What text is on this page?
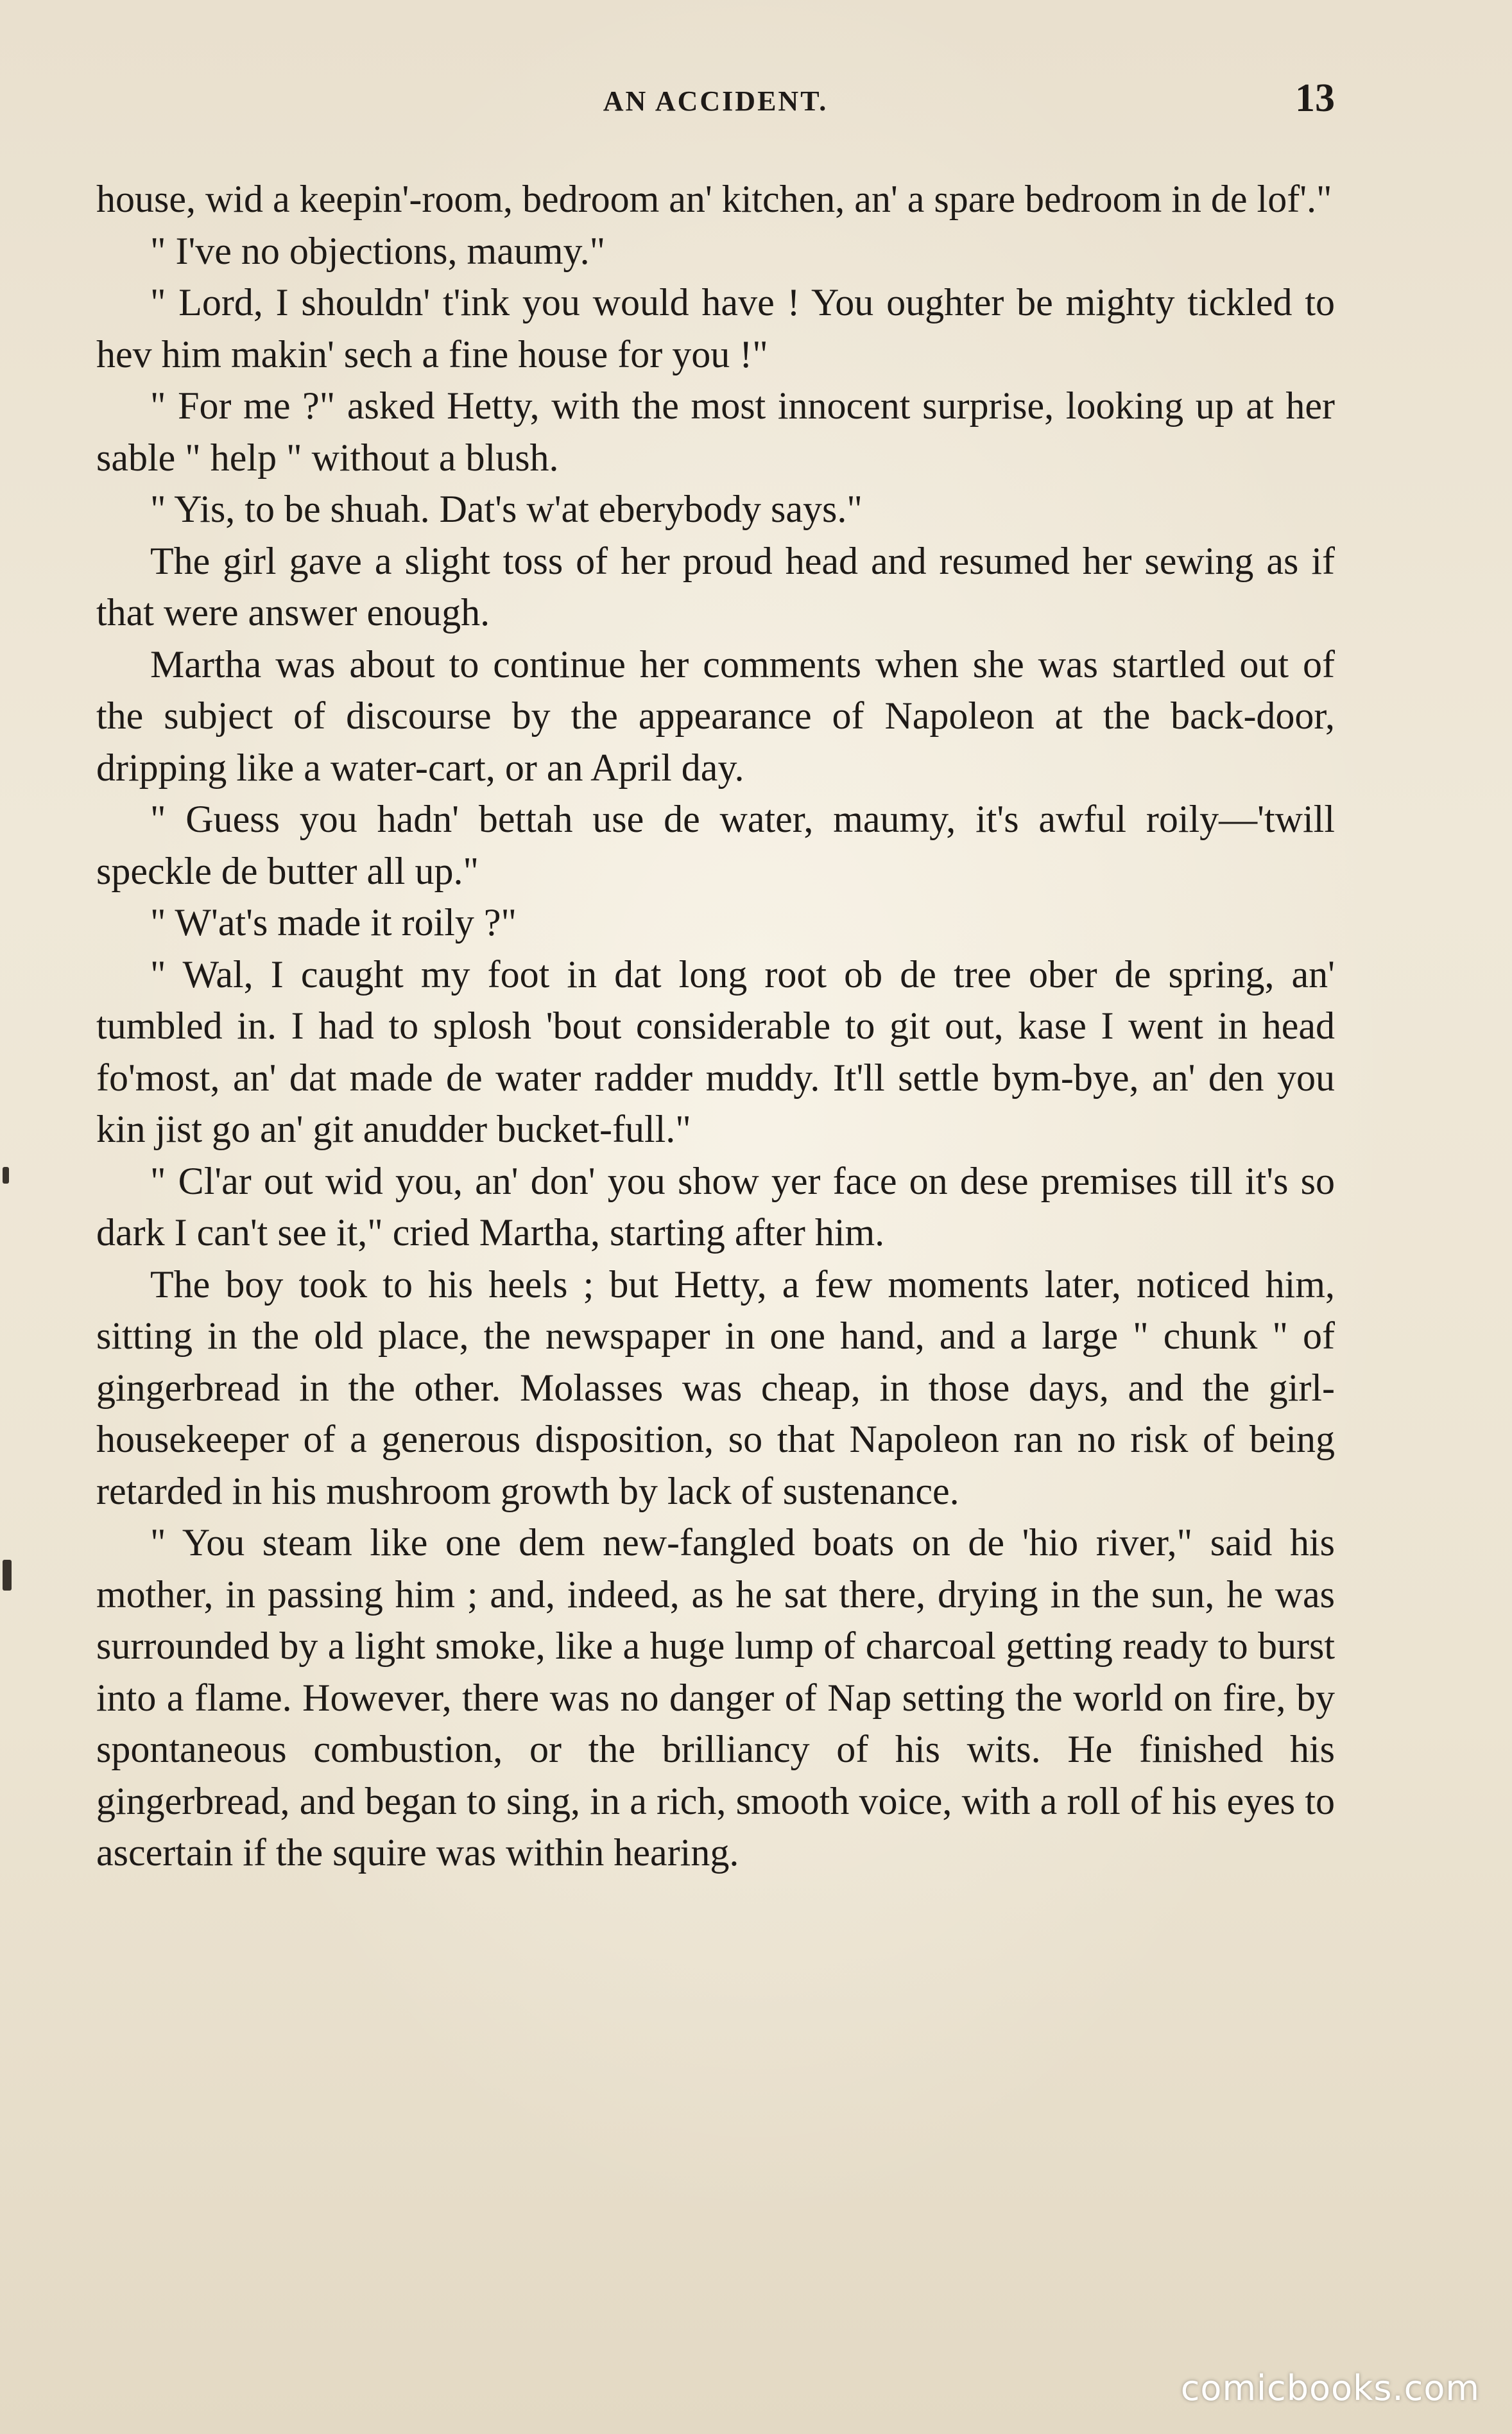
AN ACCIDENT.	13

house, wid a keepin'-room, bedroom an' kitchen, an' a spare bedroom in de lof'."

" I've no objections, maumy."

" Lord, I shouldn' t'ink you would have ! You oughter be mighty tickled to hev him makin' sech a fine house for you !"

" For me ?" asked Hetty, with the most innocent surprise, looking up at her sable " help " without a blush.

" Yis, to be shuah. Dat's w'at eberybody says."

The girl gave a slight toss of her proud head and resumed her sewing as if that were answer enough.

Martha was about to continue her comments when she was startled out of the subject of discourse by the appearance of Napoleon at the back-door, dripping like a water-cart, or an April day.

" Guess you hadn' bettah use de water, maumy, it's awful roily—'twill speckle de butter all up."

" W'at's made it roily ?"

" Wal, I caught my foot in dat long root ob de tree ober de spring, an' tumbled in. I had to splosh 'bout considerable to git out, kase I went in head fo'most, an' dat made de water radder muddy. It'll settle bym-bye, an' den you kin jist go an' git anudder bucket-full."

" Cl'ar out wid you, an' don' you show yer face on dese premises till it's so dark I can't see it," cried Martha, starting after him.

The boy took to his heels ; but Hetty, a few moments later, noticed him, sitting in the old place, the newspaper in one hand, and a large " chunk " of gingerbread in the other. Molasses was cheap, in those days, and the girl-housekeeper of a generous disposition, so that Napoleon ran no risk of being retarded in his mushroom growth by lack of sustenance.

" You steam like one dem new-fangled boats on de 'hio river," said his mother, in passing him ; and, indeed, as he sat there, drying in the sun, he was surrounded by a light smoke, like a huge lump of charcoal getting ready to burst into a flame. However, there was no danger of Nap setting the world on fire, by spontaneous combustion, or the brilliancy of his wits. He finished his gingerbread, and began to sing, in a rich, smooth voice, with a roll of his eyes to ascertain if the squire was within hearing.

comicbooks.com
